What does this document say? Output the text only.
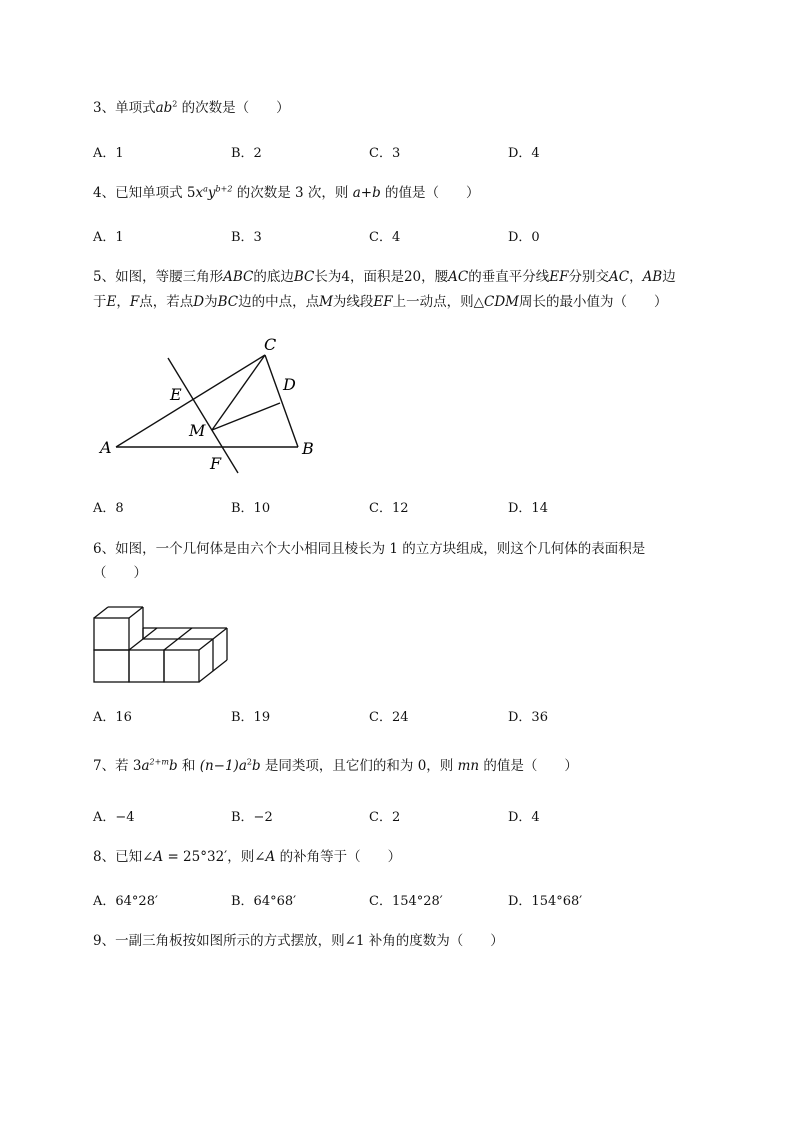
3、单项式$ab^2$ 的次数是（　　）
A．1	B．2	C．3	D．4
4、已知单项式 $5x^ay^{b+2}$ 的次数是 3 次，则 a+b 的值是（　　）
A．1	B．3	C．4	D．0
5、如图，等腰三角形ABC的底边BC长为4，面积是20，腰AC的垂直平分线EF分别交AC，AB边
于E，F点，若点D为BC边的中点，点M为线段EF上一动点，则△CDM周长的最小值为（　　）
A	B
C
D
E
F
M
A．8	B．10	C．12	D．14
6、如图，一个几何体是由六个大小相同且棱长为 1 的立方块组成，则这个几何体的表面积是
（　　）
A．16	B．19	C．24	D．36
7、若 $3a^{2+m}b$ 和 $(n-1)a^2b$ 是同类项，且它们的和为 0，则 mn 的值是（　　）
A．−4	B．−2	C．2	D．4
8、已知∠A = 25°32′，则∠A 的补角等于（　　）
A．64°28′	B．64°68′	C．154°28′	D．154°68′
9、一副三角板按如图所示的方式摆放，则∠1 补角的度数为（　　）
